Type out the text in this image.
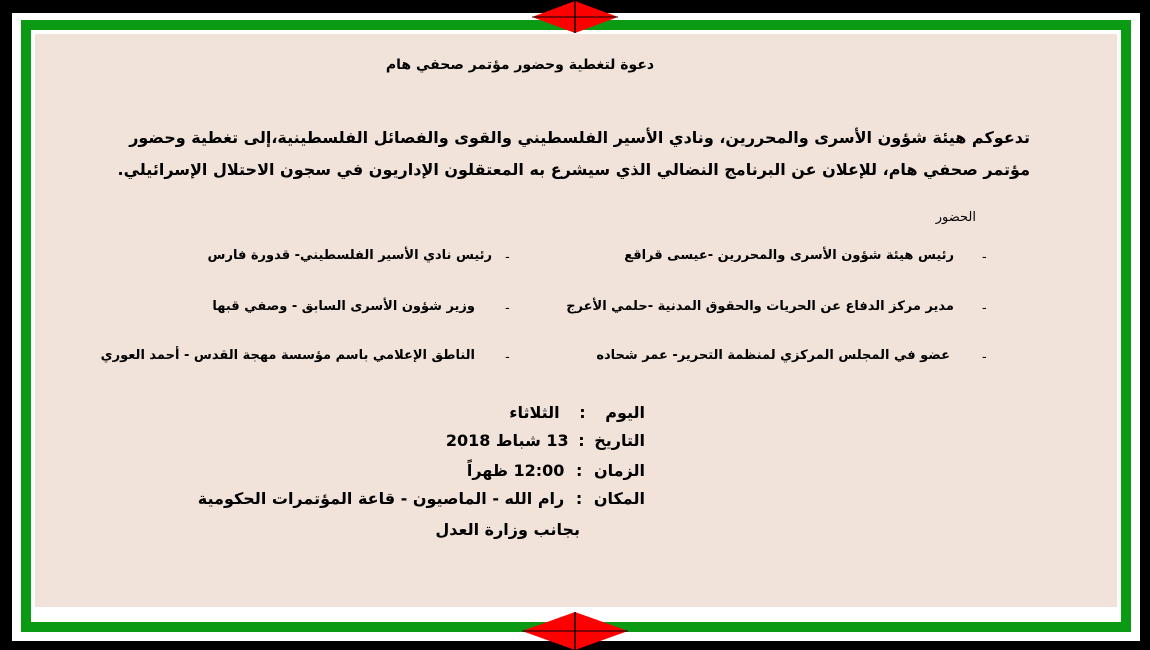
دعوة لتغطية وحضور مؤتمر صحفي هام
تدعوكم هيئة شؤون الأسرى والمحررين، ونادي الأسير الفلسطيني والقوى والفصائل الفلسطينية،إلى تغطية وحضور
مؤتمر صحفي هام، للإعلان عن البرنامج النضالي الذي سيشرع به المعتقلون الإداريون في سجون الاحتلال الإسرائيلي.
الحضور
-
رئيس هيئة شؤون الأسرى والمحررين -عيسى قراقع
-
مدير مركز الدفاع عن الحريات والحقوق المدنية -حلمي الأعرج
-
عضو في المجلس المركزي لمنظمة التحرير- عمر شحاده
-
رئيس نادي الأسير الفلسطيني- قدورة فارس
-
وزير شؤون الأسرى السابق - وصفي قبها
-
الناطق الإعلامي باسم مؤسسة مهجة القدس - أحمد العوري
اليوم : الثلاثاء
التاريخ : 13 شباط 2018
الزمان : 12:00 ظهراً
المكان : رام الله - الماصيون - قاعة المؤتمرات الحكومية
بجانب وزارة العدل
